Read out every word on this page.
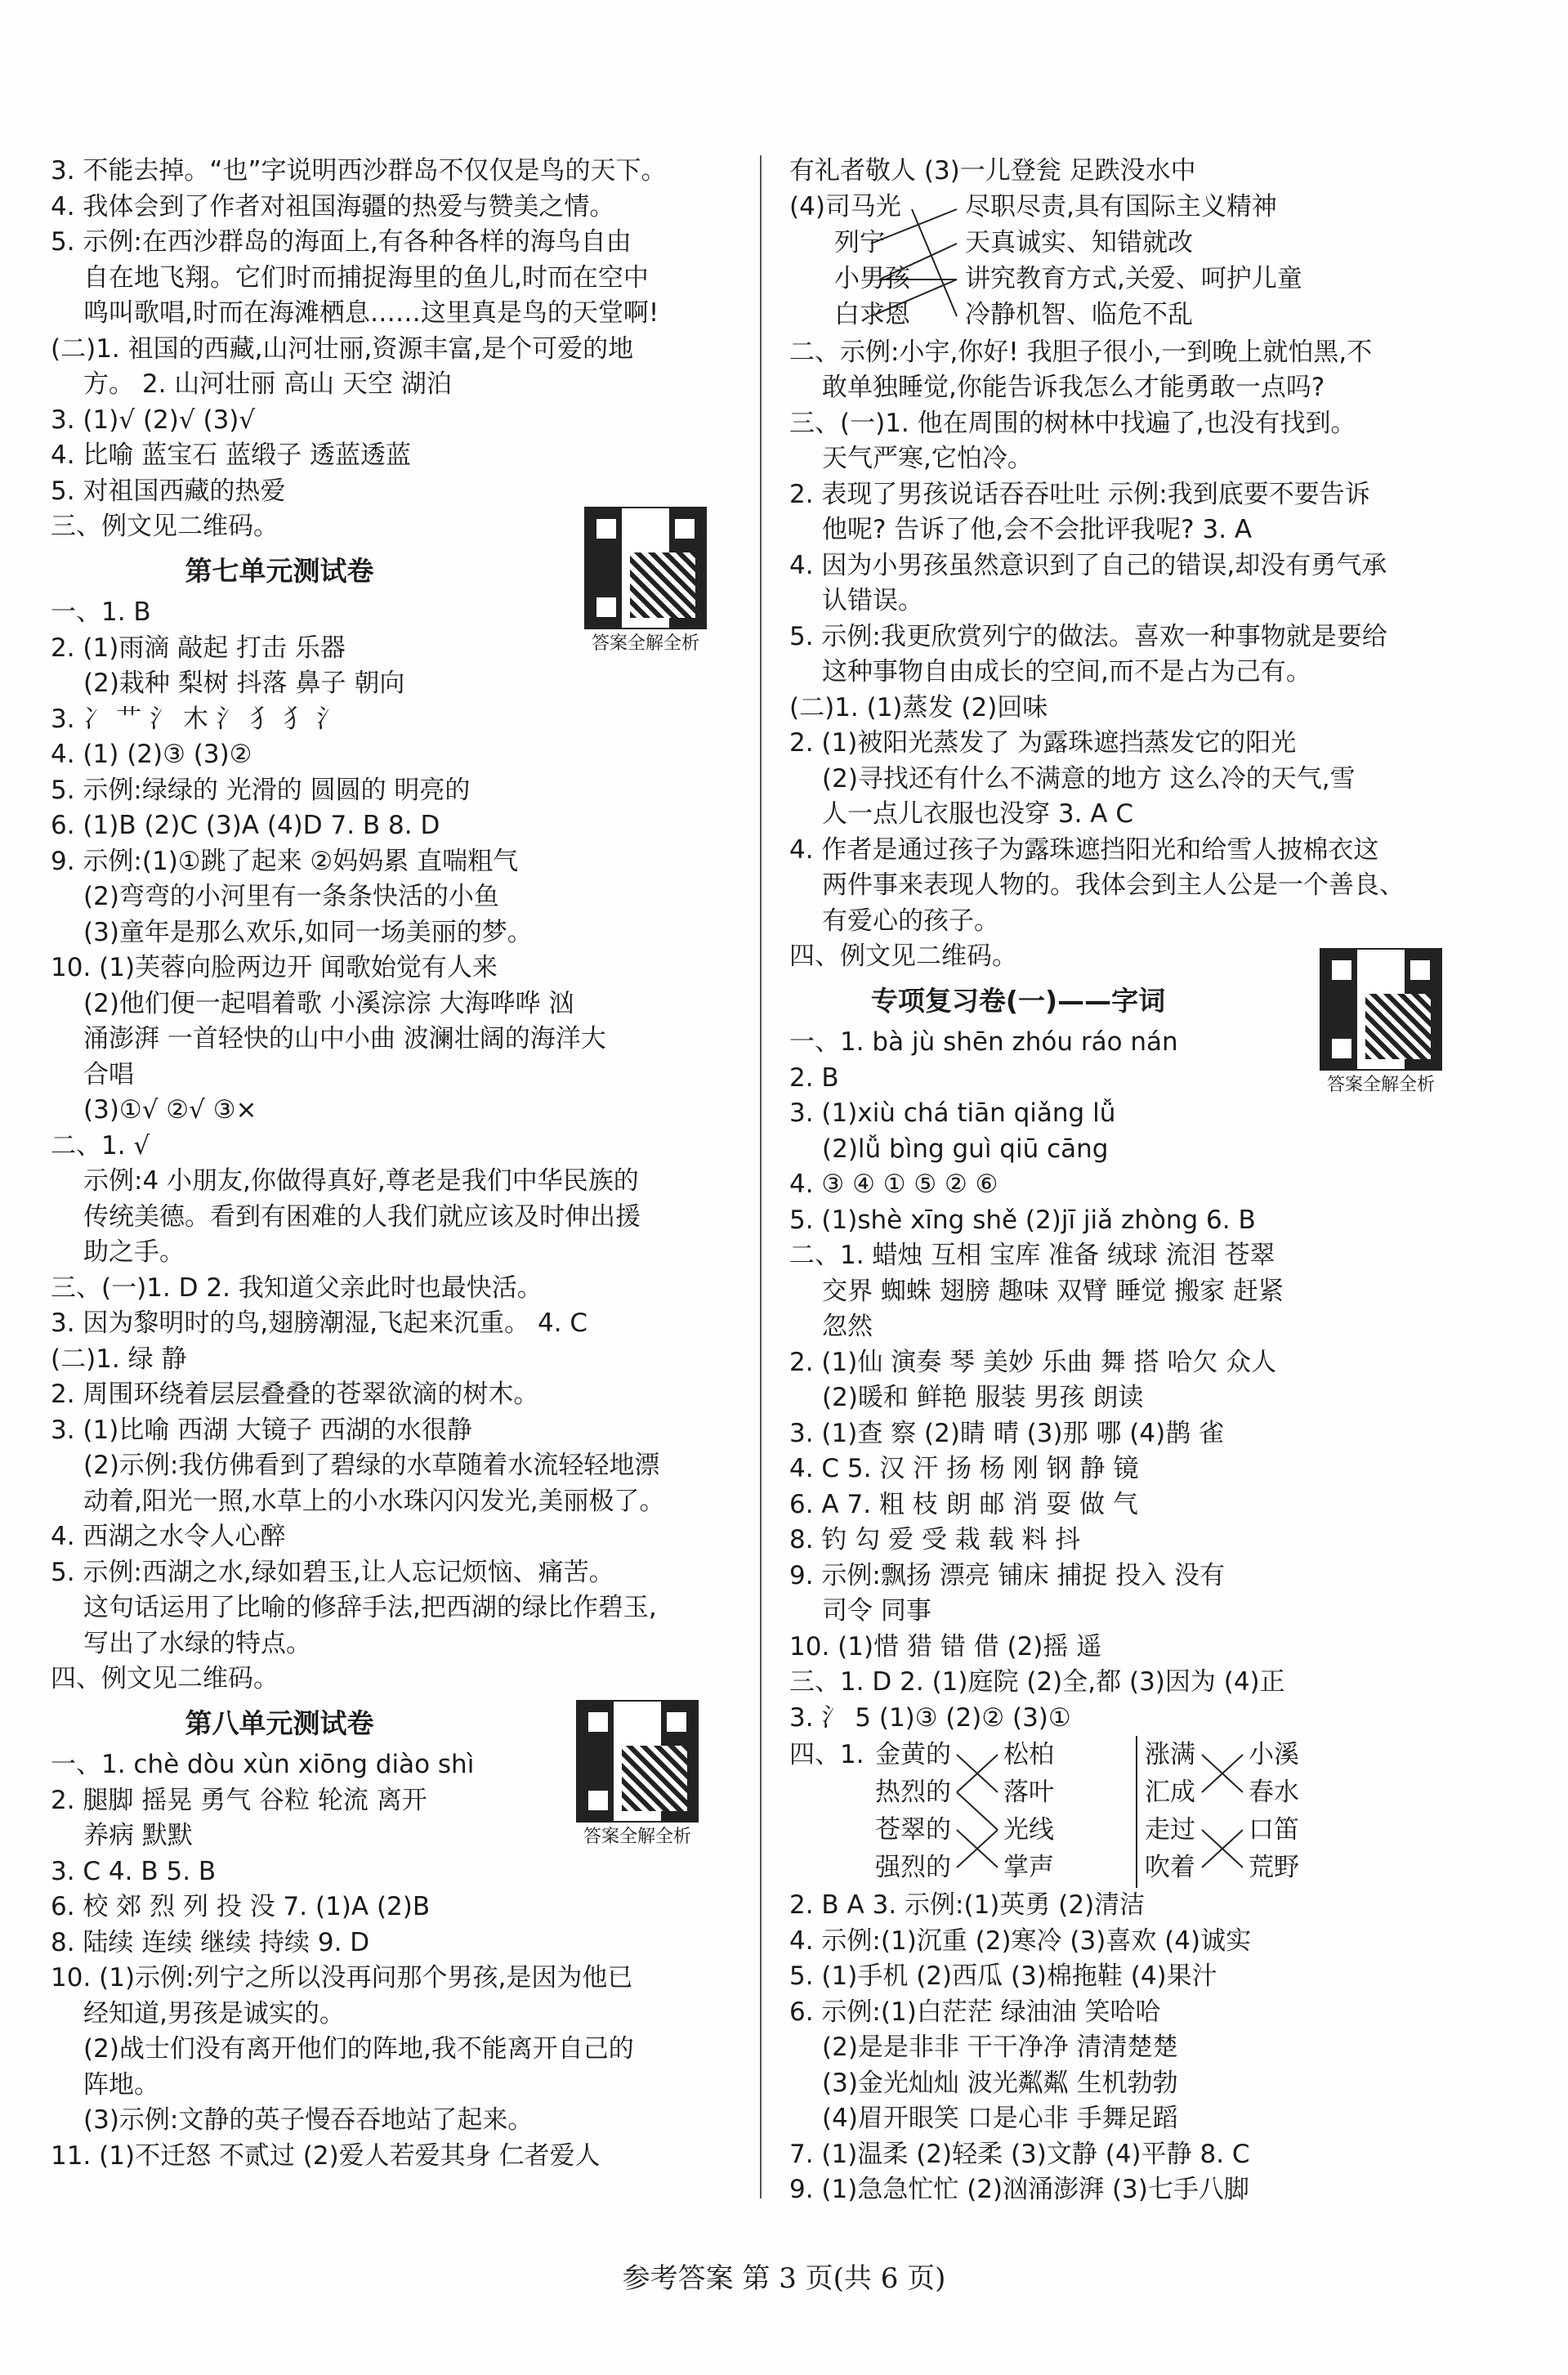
3. 不能去掉。“也”字说明西沙群岛不仅仅是鸟的天下。
4. 我体会到了作者对祖国海疆的热爱与赞美之情。
5. 示例:在西沙群岛的海面上,有各种各样的海鸟自由
自在地飞翔。它们时而捕捉海里的鱼儿,时而在空中
鸣叫歌唱,时而在海滩栖息……这里真是鸟的天堂啊!
(二)1. 祖国的西藏,山河壮丽,资源丰富,是个可爱的地
方。 2. 山河壮丽 高山 天空 湖泊
3. (1)√ (2)√ (3)√
4. 比喻 蓝宝石 蓝缎子 透蓝透蓝
5. 对祖国西藏的热爱
三、例文见二维码。
第七单元测试卷
一、1. B
2. (1)雨滴 敲起 打击 乐器
(2)栽种 梨树 抖落 鼻子 朝向
3. 冫 艹 氵 木 氵 犭 犭 氵
4. (1) (2)③ (3)②
5. 示例:绿绿的 光滑的 圆圆的 明亮的
6. (1)B (2)C (3)A (4)D 7. B 8. D
9. 示例:(1)①跳了起来 ②妈妈累 直喘粗气
(2)弯弯的小河里有一条条快活的小鱼
(3)童年是那么欢乐,如同一场美丽的梦。
10. (1)芙蓉向脸两边开 闻歌始觉有人来
(2)他们便一起唱着歌 小溪淙淙 大海哗哗 汹
涌澎湃 一首轻快的山中小曲 波澜壮阔的海洋大
合唱
(3)①√ ②√ ③×
二、1. √
示例:4 小朋友,你做得真好,尊老是我们中华民族的
传统美德。看到有困难的人我们就应该及时伸出援
助之手。
三、(一)1. D 2. 我知道父亲此时也最快活。
3. 因为黎明时的鸟,翅膀潮湿,飞起来沉重。 4. C
(二)1. 绿 静
2. 周围环绕着层层叠叠的苍翠欲滴的树木。
3. (1)比喻 西湖 大镜子 西湖的水很静
(2)示例:我仿佛看到了碧绿的水草随着水流轻轻地漂
动着,阳光一照,水草上的小水珠闪闪发光,美丽极了。
4. 西湖之水令人心醉
5. 示例:西湖之水,绿如碧玉,让人忘记烦恼、痛苦。
这句话运用了比喻的修辞手法,把西湖的绿比作碧玉,
写出了水绿的特点。
四、例文见二维码。
第八单元测试卷
一、1. chè dòu xùn xiōng diào shì
2. 腿脚 摇晃 勇气 谷粒 轮流 离开
养病 默默
3. C 4. B 5. B
6. 校 郊 烈 列 投 没 7. (1)A (2)B
8. 陆续 连续 继续 持续 9. D
10. (1)示例:列宁之所以没再问那个男孩,是因为他已
经知道,男孩是诚实的。
(2)战士们没有离开他们的阵地,我不能离开自己的
阵地。
(3)示例:文静的英子慢吞吞地站了起来。
11. (1)不迁怒 不贰过 (2)爱人若爱其身 仁者爱人
答案全解全析
答案全解全析
答案全解全析
有礼者敬人 (3)一儿登瓮 足跌没水中
(4)司马光
列宁
小男孩
白求恩
尽职尽责,具有国际主义精神
天真诚实、知错就改
讲究教育方式,关爱、呵护儿童
冷静机智、临危不乱
二、示例:小宇,你好! 我胆子很小,一到晚上就怕黑,不
敢单独睡觉,你能告诉我怎么才能勇敢一点吗?
三、(一)1. 他在周围的树林中找遍了,也没有找到。
天气严寒,它怕冷。
2. 表现了男孩说话吞吞吐吐 示例:我到底要不要告诉
他呢? 告诉了他,会不会批评我呢? 3. A
4. 因为小男孩虽然意识到了自己的错误,却没有勇气承
认错误。
5. 示例:我更欣赏列宁的做法。喜欢一种事物就是要给
这种事物自由成长的空间,而不是占为己有。
(二)1. (1)蒸发 (2)回味
2. (1)被阳光蒸发了 为露珠遮挡蒸发它的阳光
(2)寻找还有什么不满意的地方 这么冷的天气,雪
人一点儿衣服也没穿 3. A C
4. 作者是通过孩子为露珠遮挡阳光和给雪人披棉衣这
两件事来表现人物的。我体会到主人公是一个善良、
有爱心的孩子。
四、例文见二维码。
专项复习卷(一)——字词
一、1. bà jù shēn zhóu ráo nán
2. B
3. (1)xiù chá tiān qiǎng lǚ
(2)lǚ bìng guì qiū cāng
4. ③ ④ ① ⑤ ② ⑥
5. (1)shè xīng shě (2)jī jiǎ zhòng 6. B
二、1. 蜡烛 互相 宝库 准备 绒球 流泪 苍翠
交界 蜘蛛 翅膀 趣味 双臂 睡觉 搬家 赶紧
忽然
2. (1)仙 演奏 琴 美妙 乐曲 舞 搭 哈欠 众人
(2)暖和 鲜艳 服装 男孩 朗读
3. (1)查 察 (2)睛 晴 (3)那 哪 (4)鹊 雀
4. C 5. 汉 汗 扬 杨 刚 钢 静 镜
6. A 7. 粗 枝 朗 邮 消 耍 做 气
8. 钓 勾 爱 受 栽 载 料 抖
9. 示例:飘扬 漂亮 铺床 捕捉 投入 没有
司令 同事
10. (1)惜 猎 错 借 (2)摇 遥
三、1. D 2. (1)庭院 (2)全,都 (3)因为 (4)正
3. 氵 5 (1)③ (2)② (3)①
四、1. 金黄的
热烈的
苍翠的
强烈的
松柏
落叶
光线
掌声
涨满
汇成
走过
吹着
小溪
春水
口笛
荒野
2. B A 3. 示例:(1)英勇 (2)清洁
4. 示例:(1)沉重 (2)寒冷 (3)喜欢 (4)诚实
5. (1)手机 (2)西瓜 (3)棉拖鞋 (4)果汁
6. 示例:(1)白茫茫 绿油油 笑哈哈
(2)是是非非 干干净净 清清楚楚
(3)金光灿灿 波光粼粼 生机勃勃
(4)眉开眼笑 口是心非 手舞足蹈
7. (1)温柔 (2)轻柔 (3)文静 (4)平静 8. C
9. (1)急急忙忙 (2)汹涌澎湃 (3)七手八脚
参考答案 第 3 页(共 6 页)
